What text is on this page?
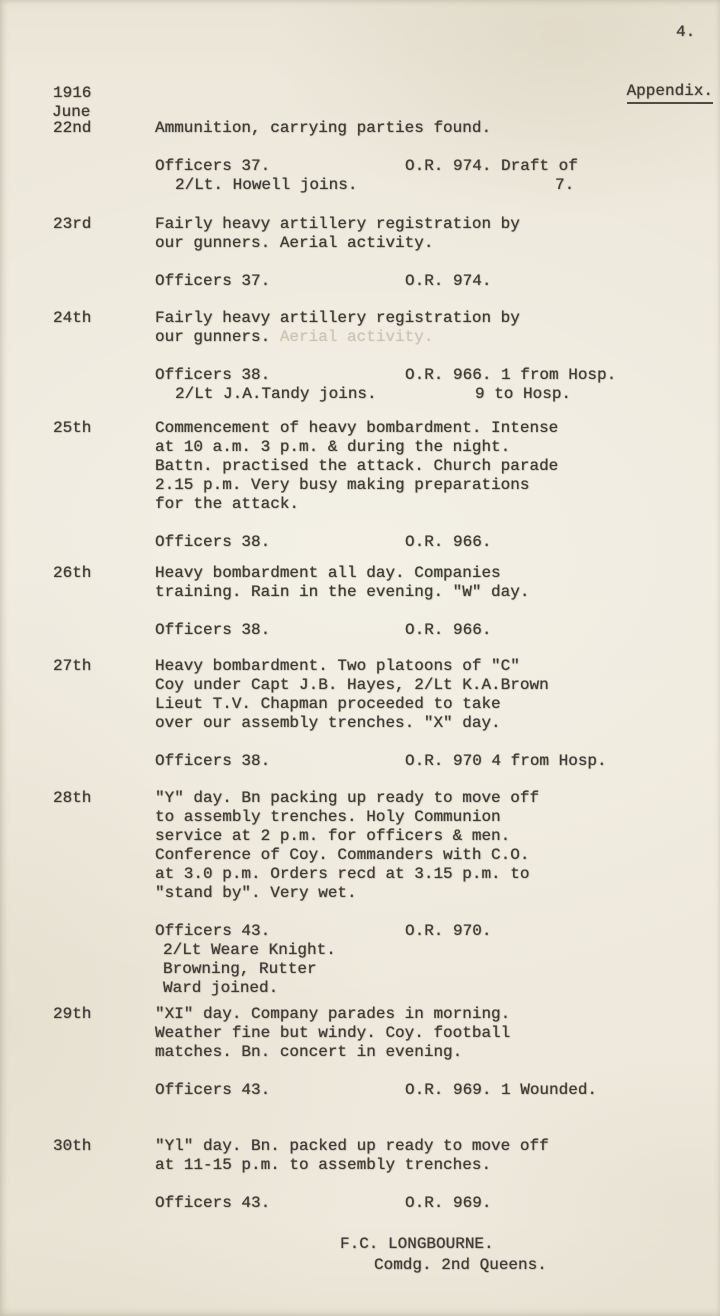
4.
Appendix.
1916
June
22nd	Ammunition, carrying parties found.
Officers 37.	O.R. 974. Draft of
2/Lt. Howell joins.	7.
23rd	Fairly heavy artillery registration by
our gunners. Aerial activity.
Officers 37.	O.R. 974.
24th	Fairly heavy artillery registration by
our gunners. Aerial activity.
Officers 38.	O.R. 966. 1 from Hosp.
2/Lt J.A.Tandy joins.	9 to Hosp.
25th	Commencement of heavy bombardment. Intense
at 10 a.m. 3 p.m. & during the night.
Battn. practised the attack. Church parade
2.15 p.m. Very busy making preparations
for the attack.
Officers 38.	O.R. 966.
26th	Heavy bombardment all day. Companies
training. Rain in the evening. "W" day.
Officers 38.	O.R. 966.
27th	Heavy bombardment. Two platoons of "C"
Coy under Capt J.B. Hayes, 2/Lt K.A.Brown
Lieut T.V. Chapman proceeded to take
over our assembly trenches. "X" day.
Officers 38.	O.R. 970 4 from Hosp.
28th	"Y" day. Bn packing up ready to move off
to assembly trenches. Holy Communion
service at 2 p.m. for officers & men.
Conference of Coy. Commanders with C.O.
at 3.0 p.m. Orders recd at 3.15 p.m. to
"stand by". Very wet.
Officers 43.	O.R. 970.
2/Lt Weare Knight.
Browning, Rutter
Ward joined.
29th	"XI" day. Company parades in morning.
Weather fine but windy. Coy. football
matches. Bn. concert in evening.
Officers 43.	O.R. 969. 1 Wounded.
30th	"Yl" day. Bn. packed up ready to move off
at 11-15 p.m. to assembly trenches.
Officers 43.	O.R. 969.
F.C. LONGBOURNE.
Comdg. 2nd Queens.
